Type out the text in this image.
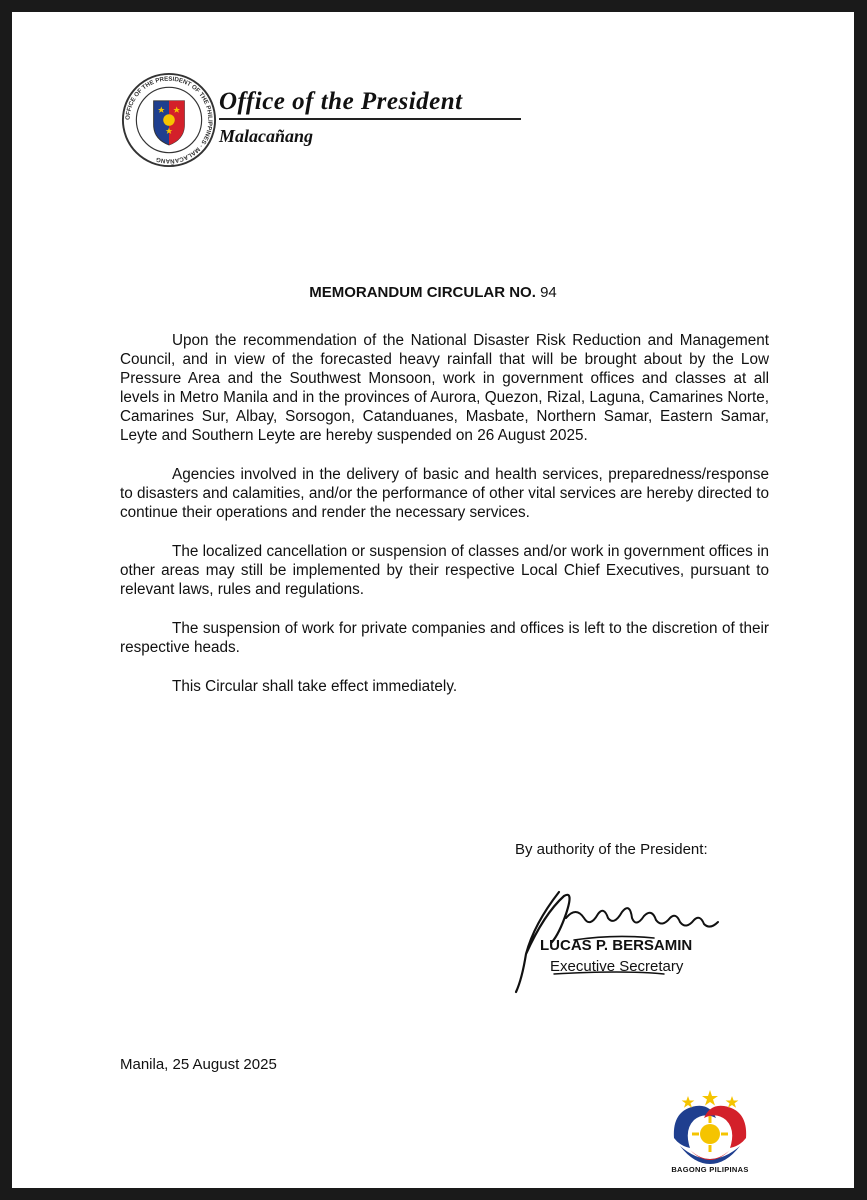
OFFICE OF THE PRESIDENT OF THE PHILIPPINES · MALACAÑANG
Office of the President
Malacañang
MEMORANDUM CIRCULAR NO. 94

Upon the recommendation of the National Disaster Risk Reduction and Management Council, and in view of the forecasted heavy rainfall that will be brought about by the Low Pressure Area and the Southwest Monsoon, work in government offices and classes at all levels in Metro Manila and in the provinces of Aurora, Quezon, Rizal, Laguna, Camarines Norte, Camarines Sur, Albay, Sorsogon, Catanduanes, Masbate, Northern Samar, Eastern Samar, Leyte and Southern Leyte are hereby suspended on 26 August 2025.

Agencies involved in the delivery of basic and health services, preparedness/response to disasters and calamities, and/or the performance of other vital services are hereby directed to continue their operations and render the necessary services.

The localized cancellation or suspension of classes and/or work in government offices in other areas may still be implemented by their respective Local Chief Executives, pursuant to relevant laws, rules and regulations.

The suspension of work for private companies and offices is left to the discretion of their respective heads.

This Circular shall take effect immediately.

By authority of the President:
LUCAS P. BERSAMIN
Executive Secretary
Manila, 25 August 2025
BAGONG PILIPINAS
